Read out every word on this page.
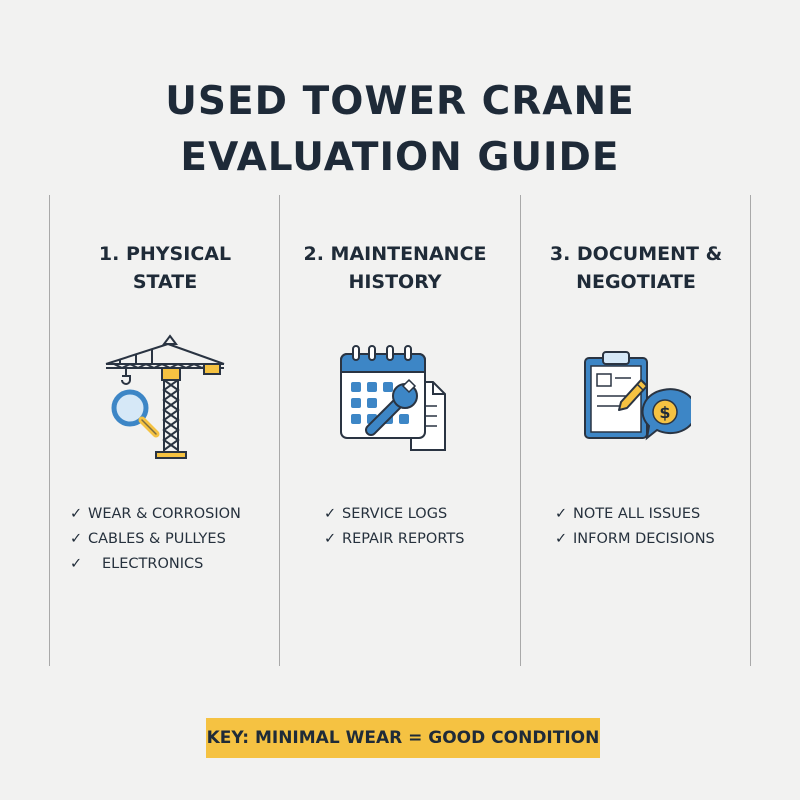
USED TOWER CRANE
EVALUATION GUIDE
1. PHYSICAL
STATE
✓ WEAR & CORROSION
✓ CABLES & PULLYES
✓ ELECTRONICS
2. MAINTENANCE
HISTORY
✓ SERVICE LOGS
✓ REPAIR REPORTS
3. DOCUMENT &
NEGOTIATE
$
✓ NOTE ALL ISSUES
✓ INFORM DECISIONS
KEY: MINIMAL WEAR = GOOD CONDITION
